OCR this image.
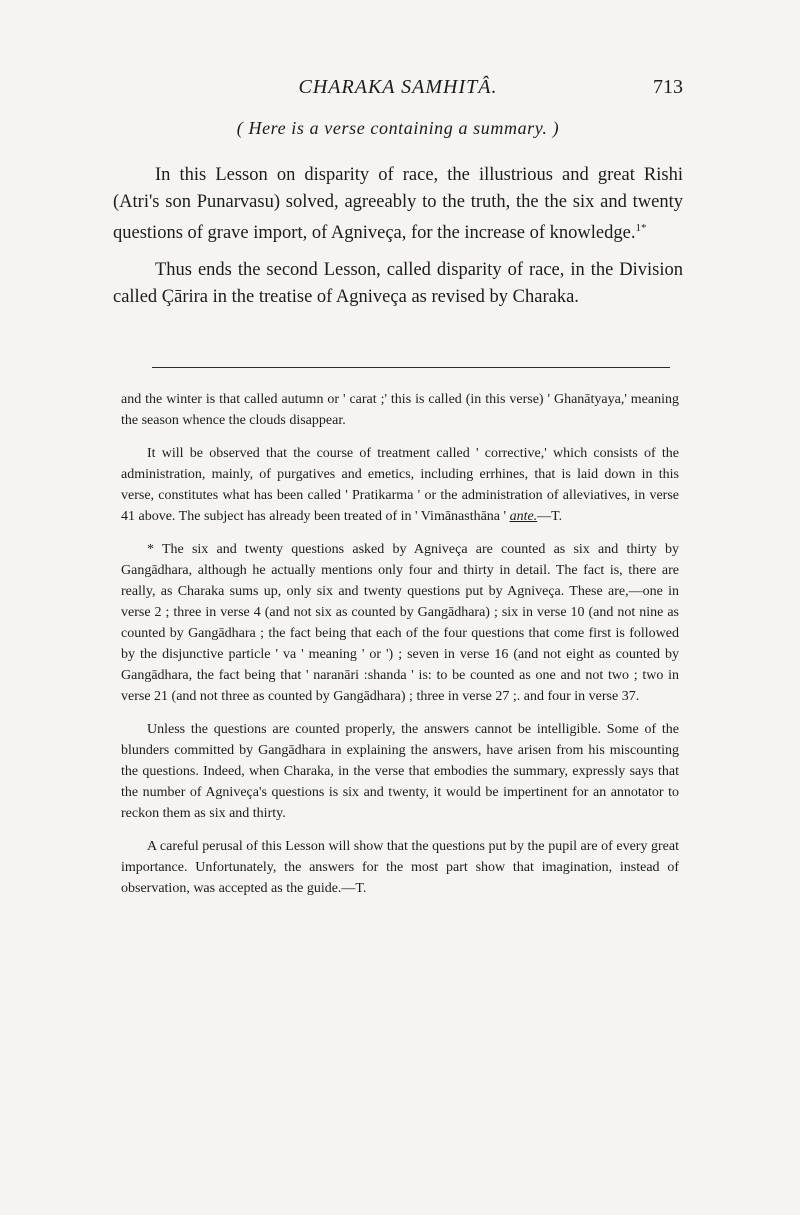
CHARAKA SAMHITÂ.	713
( Here is a verse containing a summary. )

In this Lesson on disparity of race, the illustrious and great Rishi (Atri's son Punarvasu) solved, agreeably to the truth, the the six and twenty questions of grave import, of Agniveça, for the increase of knowledge.$^{1*}$

Thus ends the second Lesson, called disparity of race, in the Division called Çārira in the treatise of Agniveça as revised by Charaka.

and the winter is that called autumn or ' carat ;' this is called (in this verse) ' Ghanātyaya,' meaning the season whence the clouds disappear.

It will be observed that the course of treatment called ' corrective,' which consists of the administration, mainly, of purgatives and emetics, including errhines, that is laid down in this verse, constitutes what has been called ' Pratikarma ' or the administration of alleviatives, in verse 41 above. The subject has already been treated of in ' Vimānasthāna ' ante.—T.

* The six and twenty questions asked by Agniveça are counted as six and thirty by Gangādhara, although he actually mentions only four and thirty in detail. The fact is, there are really, as Charaka sums up, only six and twenty questions put by Agniveça. These are,—one in verse 2 ; three in verse 4 (and not six as counted by Gangādhara) ; six in verse 10 (and not nine as counted by Gangādhara ; the fact being that each of the four questions that come first is followed by the disjunctive particle ' va ' meaning ' or ') ; seven in verse 16 (and not eight as counted by Gangādhara, the fact being that ' naranāri :shanda ' is: to be counted as one and not two ; two in verse 21 (and not three as counted by Gangādhara) ; three in verse 27 ;. and four in verse 37.

Unless the questions are counted properly, the answers cannot be intelligible. Some of the blunders committed by Gangādhara in explaining the answers, have arisen from his miscounting the questions. Indeed, when Charaka, in the verse that embodies the summary, expressly says that the number of Agniveça's questions is six and twenty, it would be impertinent for an annotator to reckon them as six and thirty.

A careful perusal of this Lesson will show that the questions put by the pupil are of every great importance. Unfortunately, the answers for the most part show that imagination, instead of observation, was accepted as the guide.—T.
